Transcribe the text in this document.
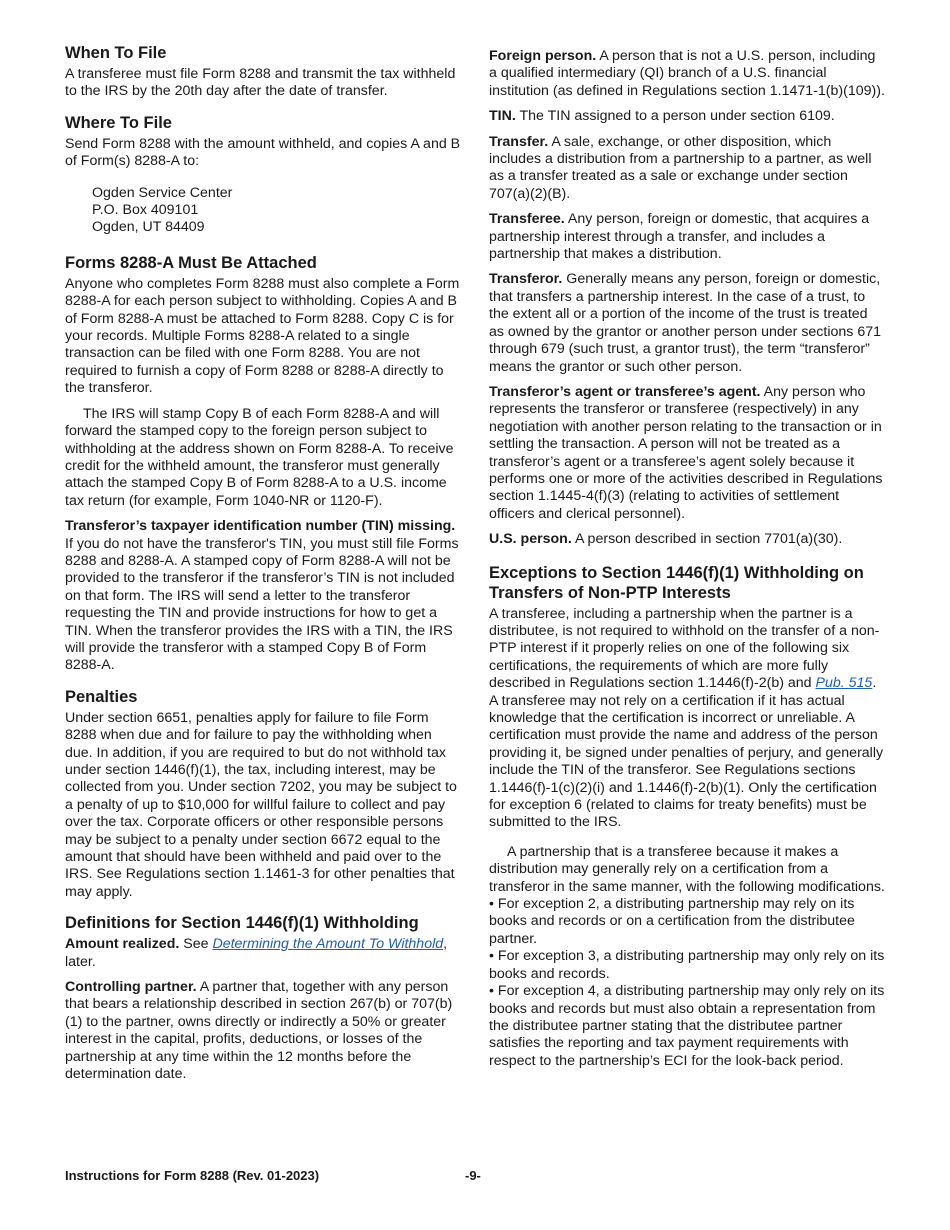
When To File

A transferee must file Form 8288 and transmit the tax withheld to the IRS by the 20th day after the date of transfer.

Where To File

Send Form 8288 with the amount withheld, and copies A and B of Form(s) 8288-A to:

Ogden Service Center
P.O. Box 409101
Ogden, UT 84409
Forms 8288-A Must Be Attached

Anyone who completes Form 8288 must also complete a Form 8288-A for each person subject to withholding. Copies A and B of Form 8288-A must be attached to Form 8288. Copy C is for your records. Multiple Forms 8288-A related to a single transaction can be filed with one Form 8288. You are not required to furnish a copy of Form 8288 or 8288-A directly to the transferor.

The IRS will stamp Copy B of each Form 8288-A and will forward the stamped copy to the foreign person subject to withholding at the address shown on Form 8288-A. To receive credit for the withheld amount, the transferor must generally attach the stamped Copy B of Form 8288-A to a U.S. income tax return (for example, Form 1040-NR or 1120-F).

Transferor’s taxpayer identification number (TIN) missing. If you do not have the transferor's TIN, you must still file Forms 8288 and 8288-A. A stamped copy of Form 8288-A will not be provided to the transferor if the transferor’s TIN is not included on that form. The IRS will send a letter to the transferor requesting the TIN and provide instructions for how to get a TIN. When the transferor provides the IRS with a TIN, the IRS will provide the transferor with a stamped Copy B of Form 8288-A.

Penalties

Under section 6651, penalties apply for failure to file Form 8288 when due and for failure to pay the withholding when due. In addition, if you are required to but do not withhold tax under section 1446(f)(1), the tax, including interest, may be collected from you. Under section 7202, you may be subject to a penalty of up to $10,000 for willful failure to collect and pay over the tax. Corporate officers or other responsible persons may be subject to a penalty under section 6672 equal to the amount that should have been withheld and paid over to the IRS. See Regulations section 1.1461-3 for other penalties that may apply.

Definitions for Section 1446(f)(1) Withholding

Amount realized. See Determining the Amount To Withhold, later.

Controlling partner. A partner that, together with any person that bears a relationship described in section 267(b) or 707(b)(1) to the partner, owns directly or indirectly a 50% or greater interest in the capital, profits, deductions, or losses of the partnership at any time within the 12 months before the determination date.

Foreign person. A person that is not a U.S. person, including a qualified intermediary (QI) branch of a U.S. financial institution (as defined in Regulations section 1.1471-1(b)(109)).

TIN. The TIN assigned to a person under section 6109.

Transfer. A sale, exchange, or other disposition, which includes a distribution from a partnership to a partner, as well as a transfer treated as a sale or exchange under section 707(a)(2)(B).

Transferee. Any person, foreign or domestic, that acquires a partnership interest through a transfer, and includes a partnership that makes a distribution.

Transferor. Generally means any person, foreign or domestic, that transfers a partnership interest. In the case of a trust, to the extent all or a portion of the income of the trust is treated as owned by the grantor or another person under sections 671 through 679 (such trust, a grantor trust), the term “transferor” means the grantor or such other person.

Transferor’s agent or transferee’s agent. Any person who represents the transferor or transferee (respectively) in any negotiation with another person relating to the transaction or in settling the transaction. A person will not be treated as a transferor’s agent or a transferee’s agent solely because it performs one or more of the activities described in Regulations section 1.1445-4(f)(3) (relating to activities of settlement officers and clerical personnel).

U.S. person. A person described in section 7701(a)(30).

Exceptions to Section 1446(f)(1) Withholding on Transfers of Non-PTP Interests

A transferee, including a partnership when the partner is a distributee, is not required to withhold on the transfer of a non-PTP interest if it properly relies on one of the following six certifications, the requirements of which are more fully described in Regulations section 1.1446(f)-2(b) and Pub. 515. A transferee may not rely on a certification if it has actual knowledge that the certification is incorrect or unreliable. A certification must provide the name and address of the person providing it, be signed under penalties of perjury, and generally include the TIN of the transferor. See Regulations sections 1.1446(f)-1(c)(2)(i) and 1.1446(f)-2(b)(1). Only the certification for exception 6 (related to claims for treaty benefits) must be submitted to the IRS.

A partnership that is a transferee because it makes a distribution may generally rely on a certification from a transferor in the same manner, with the following modifications.

• For exception 2, a distributing partnership may rely on its books and records or on a certification from the distributee partner.
• For exception 3, a distributing partnership may only rely on its books and records.
• For exception 4, a distributing partnership may only rely on its books and records but must also obtain a representation from the distributee partner stating that the distributee partner satisfies the reporting and tax payment requirements with respect to the partnership’s ECI for the look-back period.
Instructions for Form 8288 (Rev. 01-2023)	-9-
